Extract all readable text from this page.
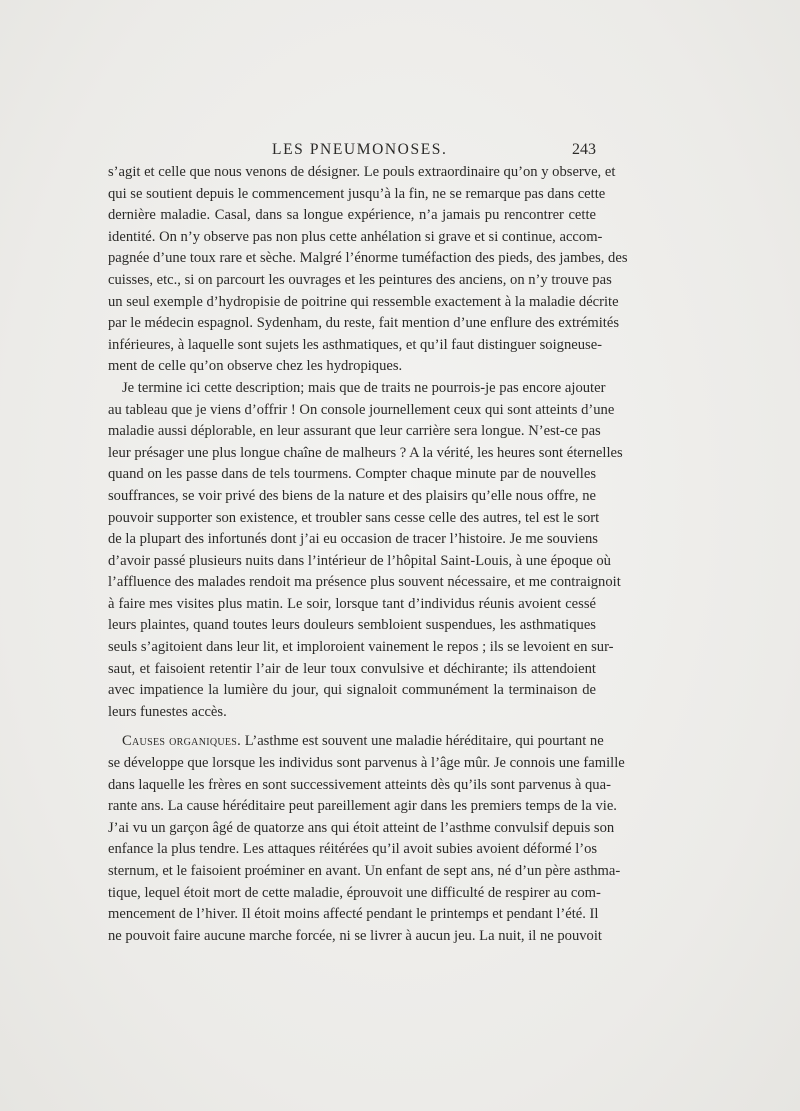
LES PNEUMONOSES.	243
s’agit et celle que nous venons de désigner. Le pouls extraordinaire qu’on y observe, et
qui se soutient depuis le commencement jusqu’à la fin, ne se remarque pas dans cette
dernière maladie. Casal, dans sa longue expérience, n’a jamais pu rencontrer cette
identité. On n’y observe pas non plus cette anhélation si grave et si continue, accom-
pagnée d’une toux rare et sèche. Malgré l’énorme tuméfaction des pieds, des jambes, des
cuisses, etc., si on parcourt les ouvrages et les peintures des anciens, on n’y trouve pas
un seul exemple d’hydropisie de poitrine qui ressemble exactement à la maladie décrite
par le médecin espagnol. Sydenham, du reste, fait mention d’une enflure des extrémités
inférieures, à laquelle sont sujets les asthmatiques, et qu’il faut distinguer soigneuse-
ment de celle qu’on observe chez les hydropiques.
Je termine ici cette description; mais que de traits ne pourrois-je pas encore ajouter
au tableau que je viens d’offrir ! On console journellement ceux qui sont atteints d’une
maladie aussi déplorable, en leur assurant que leur carrière sera longue. N’est-ce pas
leur présager une plus longue chaîne de malheurs ? A la vérité, les heures sont éternelles
quand on les passe dans de tels tourmens. Compter chaque minute par de nouvelles
souffrances, se voir privé des biens de la nature et des plaisirs qu’elle nous offre, ne
pouvoir supporter son existence, et troubler sans cesse celle des autres, tel est le sort
de la plupart des infortunés dont j’ai eu occasion de tracer l’histoire. Je me souviens
d’avoir passé plusieurs nuits dans l’intérieur de l’hôpital Saint-Louis, à une époque où
l’affluence des malades rendoit ma présence plus souvent nécessaire, et me contraignoit
à faire mes visites plus matin. Le soir, lorsque tant d’individus réunis avoient cessé
leurs plaintes, quand toutes leurs douleurs sembloient suspendues, les asthmatiques
seuls s’agitoient dans leur lit, et imploroient vainement le repos ; ils se levoient en sur-
saut, et faisoient retentir l’air de leur toux convulsive et déchirante; ils attendoient
avec impatience la lumière du jour, qui signaloit communément la terminaison de
leurs funestes accès.
Causes organiques. L’asthme est souvent une maladie héréditaire, qui pourtant ne
se développe que lorsque les individus sont parvenus à l’âge mûr. Je connois une famille
dans laquelle les frères en sont successivement atteints dès qu’ils sont parvenus à qua-
rante ans. La cause héréditaire peut pareillement agir dans les premiers temps de la vie.
J’ai vu un garçon âgé de quatorze ans qui étoit atteint de l’asthme convulsif depuis son
enfance la plus tendre. Les attaques réitérées qu’il avoit subies avoient déformé l’os
sternum, et le faisoient proéminer en avant. Un enfant de sept ans, né d’un père asthma-
tique, lequel étoit mort de cette maladie, éprouvoit une difficulté de respirer au com-
mencement de l’hiver. Il étoit moins affecté pendant le printemps et pendant l’été. Il
ne pouvoit faire aucune marche forcée, ni se livrer à aucun jeu. La nuit, il ne pouvoit
